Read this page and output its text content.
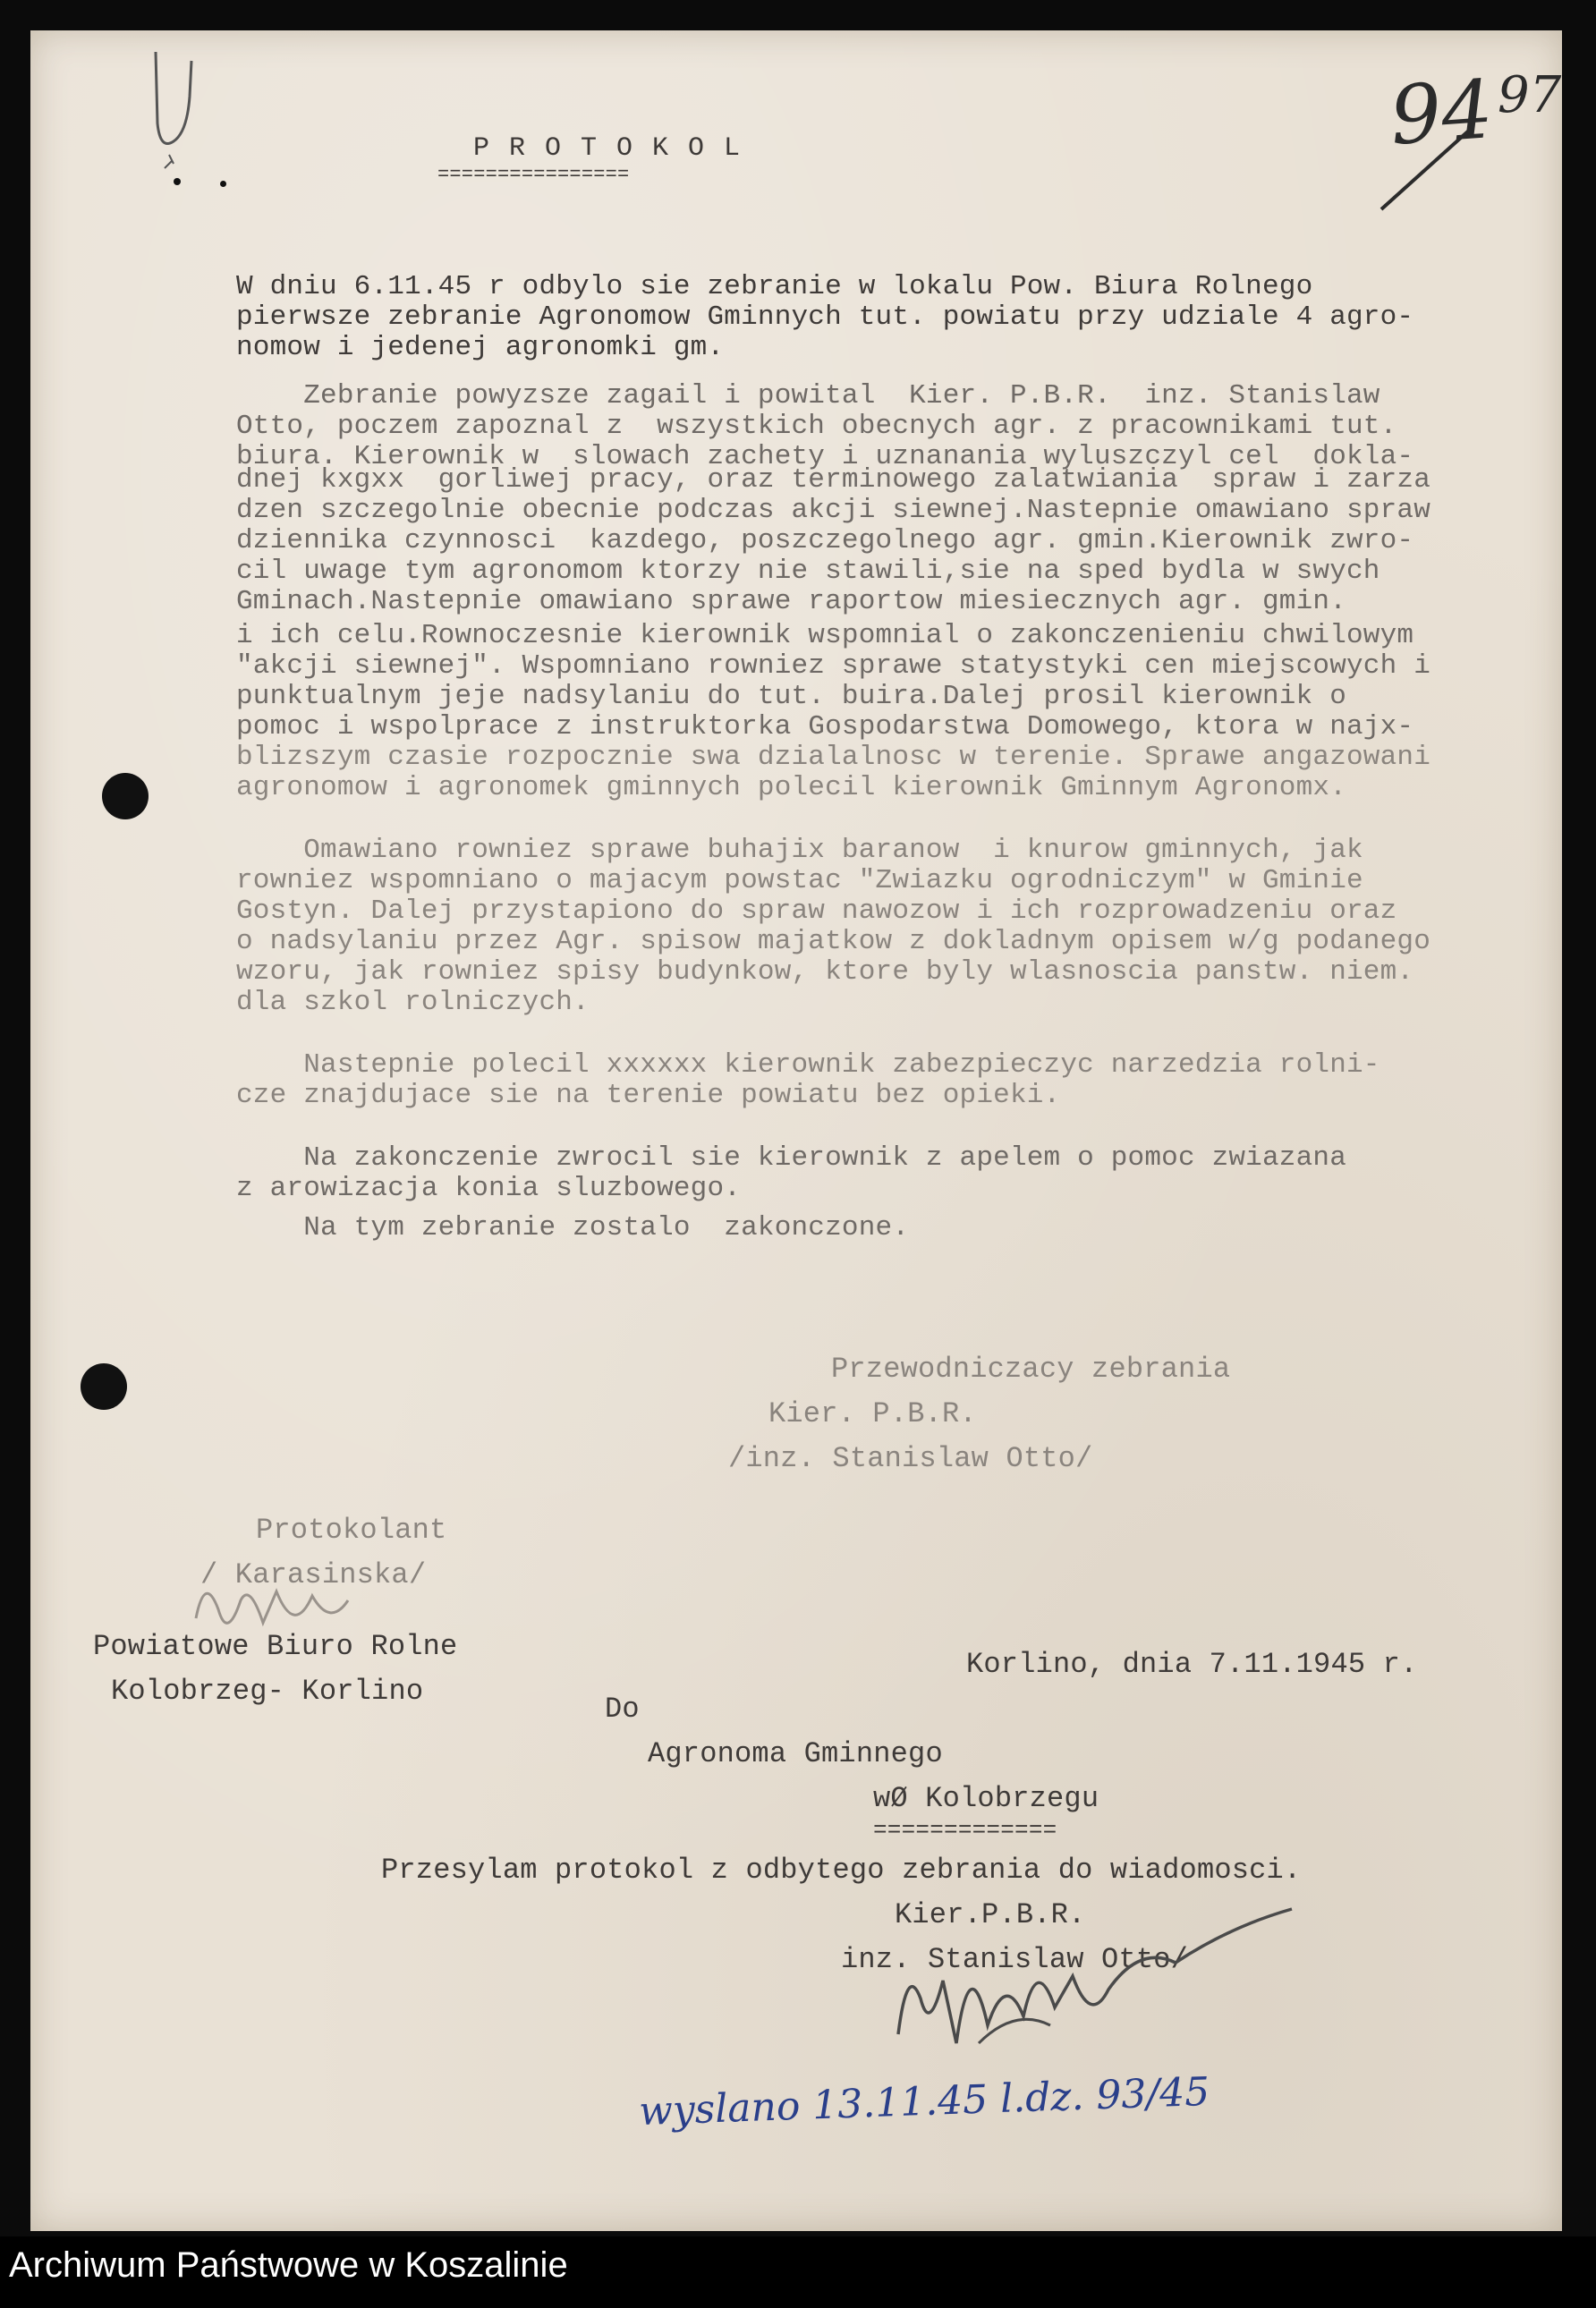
94 97
P R O T O K O L
================
W dniu 6.11.45 r odbylo sie zebranie w lokalu Pow. Biura Rolnego
pierwsze zebranie Agronomow Gminnych tut. powiatu przy udziale 4 agro-
nomow i jedenej agronomki gm.
Zebranie powyzsze zagail i powital  Kier. P.B.R.  inz. Stanislaw
Otto, poczem zapoznal z  wszystkich obecnych agr. z pracownikami tut.
biura. Kierownik w  slowach zachety i uznanania wyluszczyl cel  dokla-
dnej kxgxx  gorliwej pracy, oraz terminowego zalatwiania  spraw i zarza
dzen szczegolnie obecnie podczas akcji siewnej.Nastepnie omawiano spraw
dziennika czynnosci  kazdego, poszczegolnego agr. gmin.Kierownik zwro-
cil uwage tym agronomom ktorzy nie stawili,sie na sped bydla w swych
Gminach.Nastepnie omawiano sprawe raportow miesiecznych agr. gmin.
i ich celu.Rownoczesnie kierownik wspomnial o zakonczenieniu chwilowym
"akcji siewnej". Wspomniano rowniez sprawe statystyki cen miejscowych i
punktualnym jeje nadsylaniu do tut. buira.Dalej prosil kierownik o
pomoc i wspolprace z instruktorka Gospodarstwa Domowego, ktora w najx-
blizszym czasie rozpocznie swa dzialalnosc w terenie. Sprawe angazowani
agronomow i agronomek gminnych polecil kierownik Gminnym Agronomx.
Omawiano rowniez sprawe buhajix baranow  i knurow gminnych, jak
rowniez wspomniano o majacym powstac "Zwiazku ogrodniczym" w Gminie
Gostyn. Dalej przystapiono do spraw nawozow i ich rozprowadzeniu oraz
o nadsylaniu przez Agr. spisow majatkow z dokladnym opisem w/g podanego
wzoru, jak rowniez spisy budynkow, ktore byly wlasnoscia panstw. niem.
dla szkol rolniczych.
Nastepnie polecil xxxxxx kierownik zabezpieczyc narzedzia rolni-
cze znajdujace sie na terenie powiatu bez opieki.
Na zakonczenie zwrocil sie kierownik z apelem o pomoc zwiazana
z arowizacja konia sluzbowego.
Na tym zebranie zostalo  zakonczone.
Przewodniczacy zebrania
Kier. P.B.R.
/inz. Stanislaw Otto/
Protokolant
/ Karasinska/
Powiatowe Biuro Rolne
Kolobrzeg- Korlino
Korlino, dnia 7.11.1945 r.
Do
Agronoma Gminnego
wØ Kolobrzegu
=============
Przesylam protokol z odbytego zebrania do wiadomosci.
Kier.P.B.R.
inz. Stanislaw Otto/
wyslano 13.11.45 l.dz. 93/45
Archiwum Państwowe w Koszalinie
